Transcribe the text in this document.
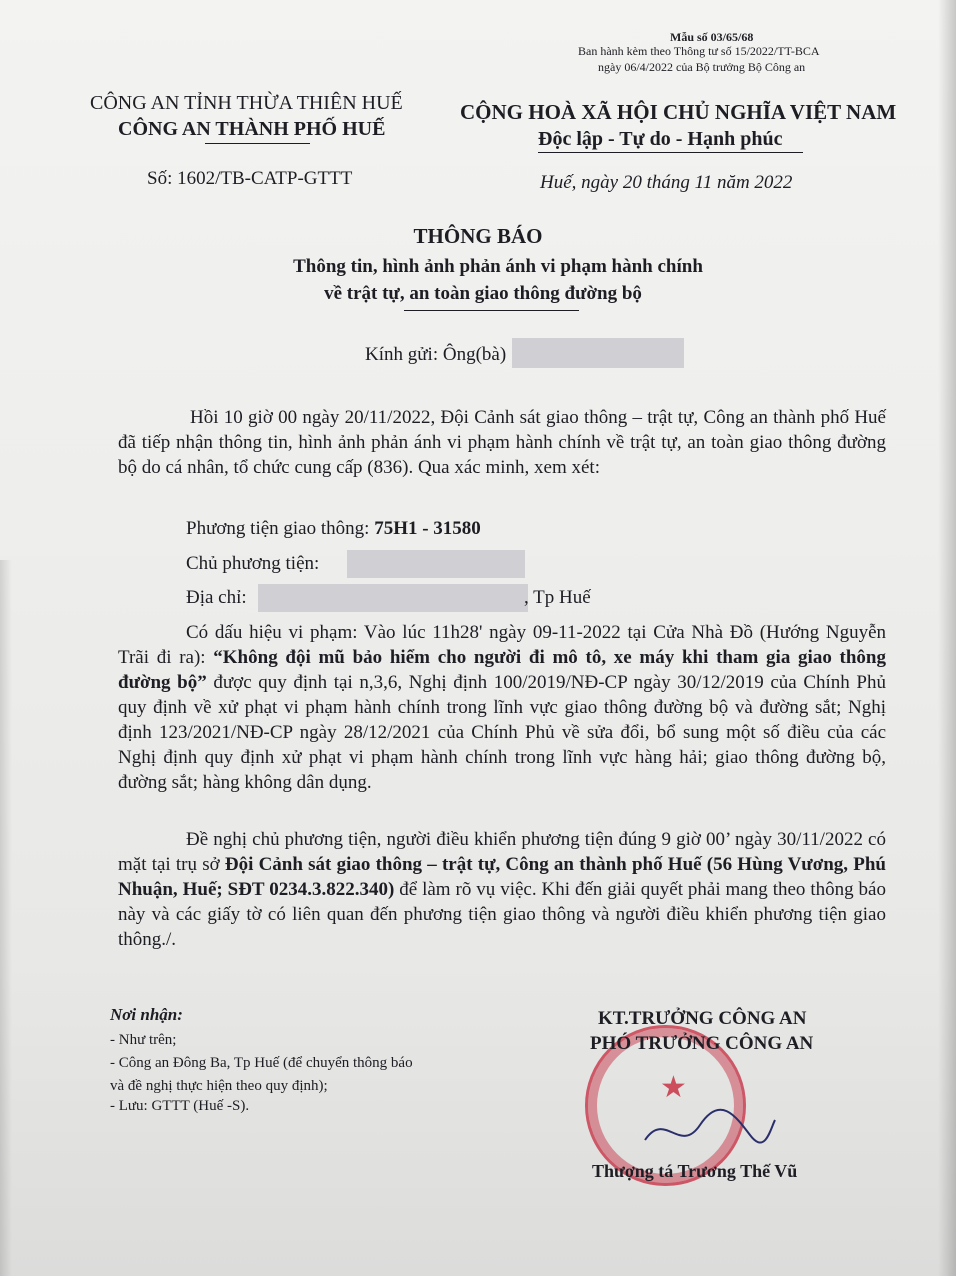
Mẫu số 03/65/68
Ban hành kèm theo Thông tư số 15/2022/TT-BCA
ngày 06/4/2022 của Bộ trưởng Bộ Công an
CÔNG AN TỈNH THỪA THIÊN HUẾ
CÔNG AN THÀNH PHỐ HUẾ
CỘNG HOÀ XÃ HỘI CHỦ NGHĨA VIỆT NAM
Độc lập - Tự do - Hạnh phúc
Số: 1602/TB-CATP-GTTT	Huế, ngày 20 tháng 11 năm 2022
THÔNG BÁO
Thông tin, hình ảnh phản ánh vi phạm hành chính
về trật tự, an toàn giao thông đường bộ
Kính gửi: Ông(bà)
Hồi 10 giờ 00 ngày 20/11/2022, Đội Cảnh sát giao thông – trật tự, Công an thành phố Huế đã tiếp nhận thông tin, hình ảnh phản ánh vi phạm hành chính về trật tự, an toàn giao thông đường bộ do cá nhân, tổ chức cung cấp (836). Qua xác minh, xem xét:
Phương tiện giao thông: 75H1 - 31580
Chủ phương tiện:
Địa chỉ:	, Tp Huế
Có dấu hiệu vi phạm: Vào lúc 11h28' ngày 09-11-2022 tại Cửa Nhà Đồ (Hướng Nguyễn Trãi đi ra): “Không đội mũ bảo hiểm cho người đi mô tô, xe máy khi tham gia giao thông đường bộ” được quy định tại n,3,6, Nghị định 100/2019/NĐ-CP ngày 30/12/2019 của Chính Phủ quy định về xử phạt vi phạm hành chính trong lĩnh vực giao thông đường bộ và đường sắt; Nghị định 123/2021/NĐ-CP ngày 28/12/2021 của Chính Phủ về sửa đổi, bổ sung một số điều của các Nghị định quy định xử phạt vi phạm hành chính trong lĩnh vực hàng hải; giao thông đường bộ, đường sắt; hàng không dân dụng.
Đề nghị chủ phương tiện, người điều khiển phương tiện đúng 9 giờ 00’ ngày 30/11/2022 có mặt tại trụ sở Đội Cảnh sát giao thông – trật tự, Công an thành phố Huế (56 Hùng Vương, Phú Nhuận, Huế; SĐT 0234.3.822.340) để làm rõ vụ việc. Khi đến giải quyết phải mang theo thông báo này và các giấy tờ có liên quan đến phương tiện giao thông và người điều khiển phương tiện giao thông./.
Nơi nhận:
- Như trên;
- Công an Đông Ba, Tp Huế (để chuyển thông báo
và đề nghị thực hiện theo quy định);
- Lưu: GTTT (Huế -S).
★
KT.TRƯỞNG CÔNG AN
PHÓ TRƯỞNG CÔNG AN
Thượng tá Trương Thế Vũ
